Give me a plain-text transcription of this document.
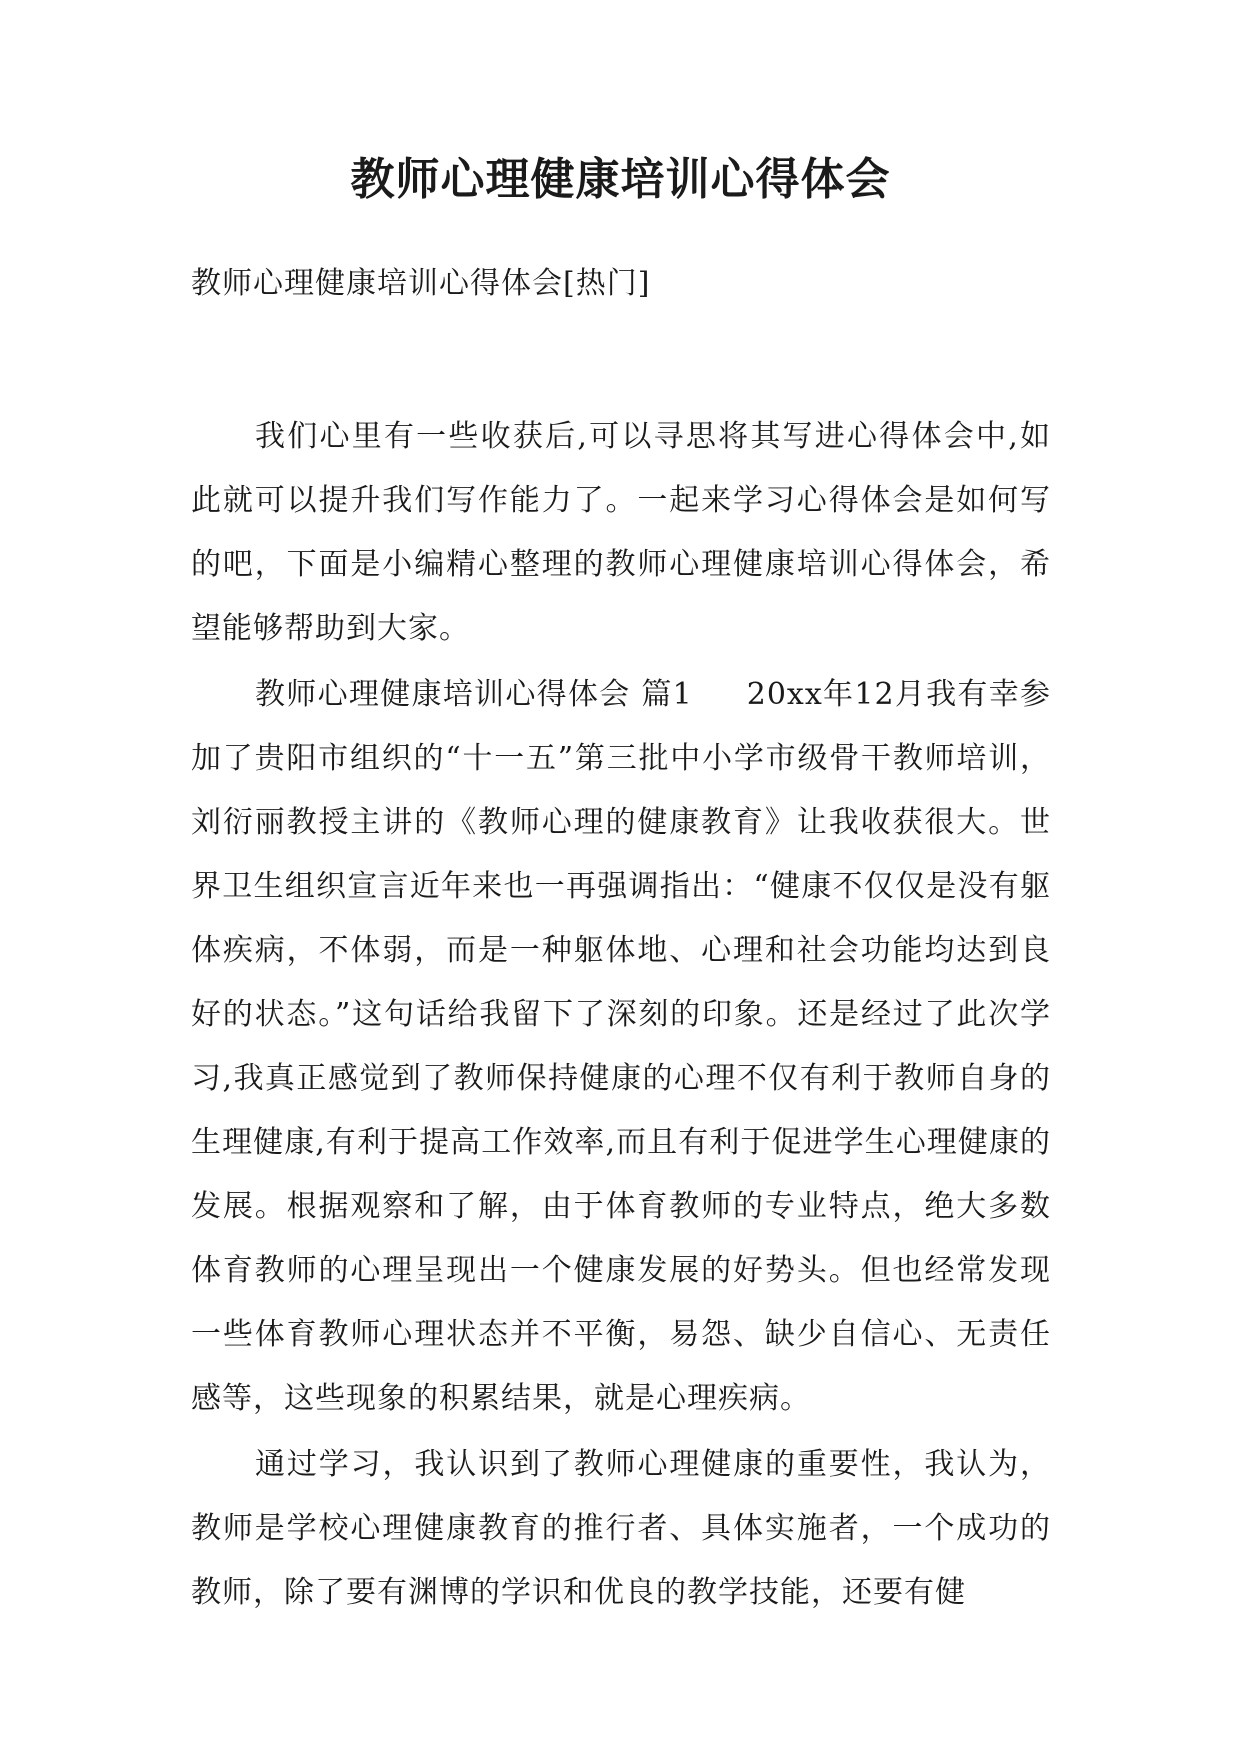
教师心理健康培训心得体会
教师心理健康培训心得体会[热门]

我们心里有一些收获后,可以寻思将其写进心得体会中,如此就可以提升我们写作能力了。一起来学习心得体会是如何写的吧，下面是小编精心整理的教师心理健康培训心得体会，希望能够帮助到大家。

教师心理健康培训心得体会 篇1 20xx年12月我有幸参加了贵阳市组织的“十一五”第三批中小学市级骨干教师培训，刘衍丽教授主讲的《教师心理的健康教育》让我收获很大。世界卫生组织宣言近年来也一再强调指出：“健康不仅仅是没有躯体疾病，不体弱，而是一种躯体地、心理和社会功能均达到良好的状态。”这句话给我留下了深刻的印象。还是经过了此次学习,我真正感觉到了教师保持健康的心理不仅有利于教师自身的生理健康,有利于提高工作效率,而且有利于促进学生心理健康的发展。根据观察和了解，由于体育教师的专业特点，绝大多数体育教师的心理呈现出一个健康发展的好势头。但也经常发现一些体育教师心理状态并不平衡，易怨、缺少自信心、无责任感等，这些现象的积累结果，就是心理疾病。

通过学习，我认识到了教师心理健康的重要性，我认为，教师是学校心理健康教育的推行者、具体实施者，一个成功的教师，除了要有渊博的学识和优良的教学技能，还要有健
